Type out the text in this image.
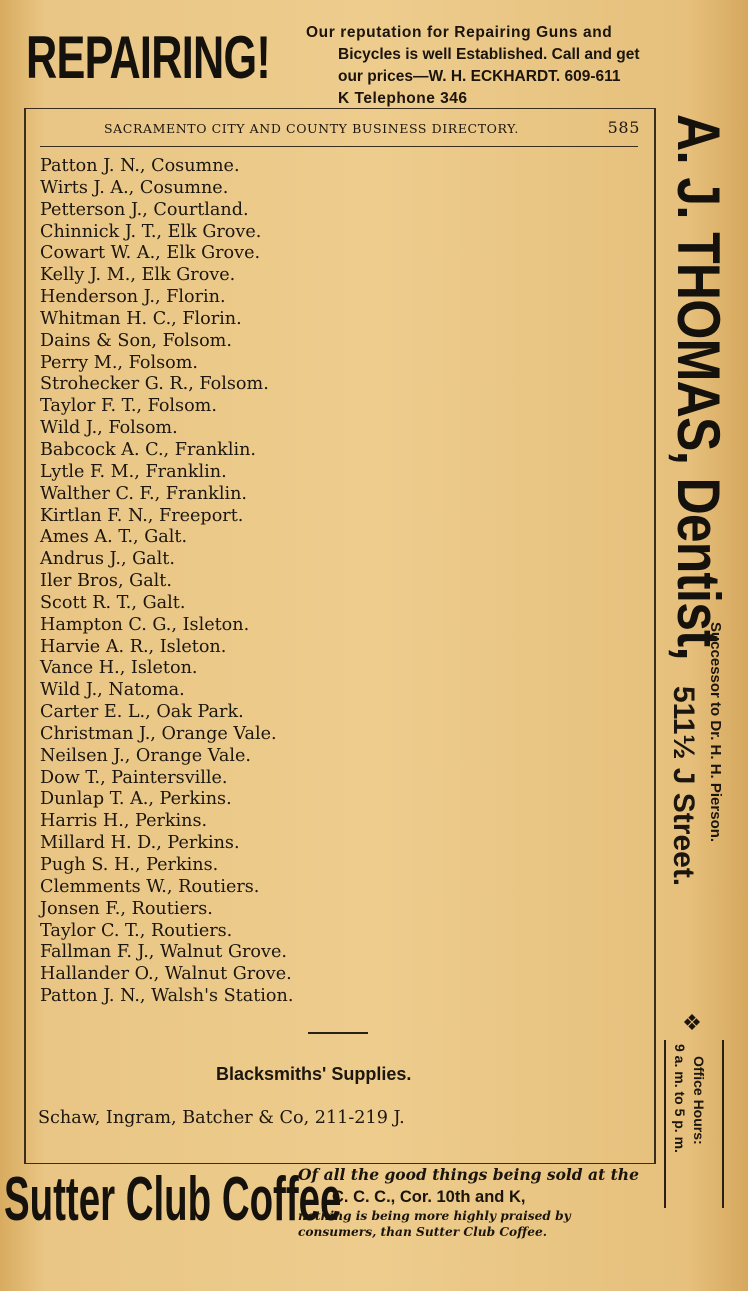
REPAIRING! Our reputation for Repairing Guns and
Bicycles is well Established. Call and get
our prices—W. H. ECKHARDT. 609-611
K Telephone 346
SACRAMENTO CITY AND COUNTY BUSINESS DIRECTORY.	585
Patton J. N., Cosumne.
Wirts J. A., Cosumne.
Petterson J., Courtland.
Chinnick J. T., Elk Grove.
Cowart W. A., Elk Grove.
Kelly J. M., Elk Grove.
Henderson J., Florin.
Whitman H. C., Florin.
Dains & Son, Folsom.
Perry M., Folsom.
Strohecker G. R., Folsom.
Taylor F. T., Folsom.
Wild J., Folsom.
Babcock A. C., Franklin.
Lytle F. M., Franklin.
Walther C. F., Franklin.
Kirtlan F. N., Freeport.
Ames A. T., Galt.
Andrus J., Galt.
Iler Bros, Galt.
Scott R. T., Galt.
Hampton C. G., Isleton.
Harvie A. R., Isleton.
Vance H., Isleton.
Wild J., Natoma.
Carter E. L., Oak Park.
Christman J., Orange Vale.
Neilsen J., Orange Vale.
Dow T., Paintersville.
Dunlap T. A., Perkins.
Harris H., Perkins.
Millard H. D., Perkins.
Pugh S. H., Perkins.
Clemments W., Routiers.
Jonsen F., Routiers.
Taylor C. T., Routiers.
Fallman F. J., Walnut Grove.
Hallander O., Walnut Grove.
Patton J. N., Walsh's Station.
Blacksmiths' Supplies.
Schaw, Ingram, Batcher & Co, 211-219 J.
A. J. THOMAS, Dentist,
Successor to Dr. H. H. Pierson.
511½ J Street.
❖
Office Hours:
9 a. m. to 5 p. m.
Sutter Club Coffee
Of all the good things being sold at the
C. C. C., Cor. 10th and K,
nothing is being more highly praised by
consumers, than Sutter Club Coffee.
